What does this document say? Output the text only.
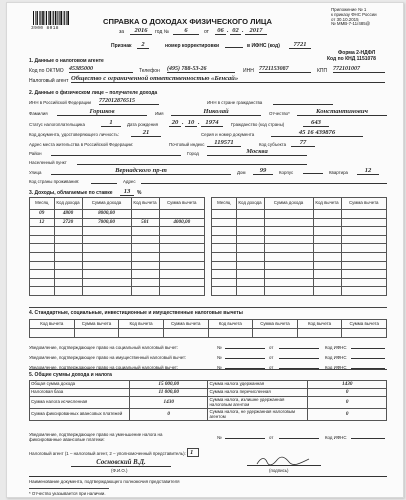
3900 8018
Приложение № 1
к приказу ФНС России
от 30.10.2015
№ ММВ-7-11/485@
СПРАВКА О ДОХОДАХ ФИЗИЧЕСКОГО ЛИЦА
за	2016	год №	6	от	06 . 02 . 2017
Признак	2	номер корректировки	в ИФНС (код)	7721
Форма 2-НДФЛ
Код по КНД 1151078
1. Данные о налоговом агенте
Код по ОКТМО 45385000	Телефон (495) 788-53-26	ИНН 7721153087	КПП 772101007
Налоговый агент Общество с ограниченной ответственностью «Бенсай»
2. Данные о физическом лице – получателе дохода
ИНН в Российской Федерации 772012876515	ИНН в стране гражданства
Фамилия	Горшков	Имя	Николай	Отчество*	Константинович
Статус налогоплательщика	1	Дата рождения	20 . 10 . 1974	Гражданство (код страны)	643
Код документа, удостоверяющего личность:	21	Серия и номер документа	45 16 439876
Адрес места жительства в Российской Федерации:	Почтовый индекс	119571	Код субъекта	77
Район	Город	Москва
Населенный пункт
Улица	Вернадского пр-т	Дом	99	Корпус	Квартира	12
Код страны проживания:	Адрес
3. Доходы, облагаемые по ставке	13	%
Месяц	Код дохода	Сумма дохода	Код вычета	Сумма вычета
09	4800	8000,00		
12	2720	7000,00	501	4000,00

Месяц	Код дохода	Сумма дохода	Код вычета	Сумма вычета

4. Стандартные, социальные, инвестиционные и имущественные налоговые вычеты
Код вычета	Сумма вычета	Код вычета	Сумма вычета	Код вычета	Сумма вычета	Код вычета	Сумма вычета

Уведомление, подтверждающее право на социальный налоговый вычет:
Уведомление, подтверждающее право на имущественный налоговый вычет:
Уведомление, подтверждающее право на социальный налоговый вычет:
№	от	Код ИФНС
№	от	Код ИФНС
№	от	Код ИФНС
5. Общие суммы дохода и налога
Общая сумма дохода	15 000,00	Сумма налога удержанная	1430
Налоговая база	11 000,00	Сумма налога перечисленная	0
Сумма налога исчисленная	1430	Сумма налога, излишне удержанная налоговым агентом	0
Сумма фиксированных авансовых платежей	0	Сумма налога, не удержанная налоговым агентом	0
Уведомление, подтверждающее право на уменьшение налога на фиксированные авансовые платежи:	№	от	Код ИФНС
Налоговый агент (1 – налоговый агент, 2 – уполномоченный представитель): 1
Сосновский В.Д.
(Ф.И.О.)	(подпись)
Наименование документа, подтверждающего полномочия представителя
* Отчество указывается при наличии.
